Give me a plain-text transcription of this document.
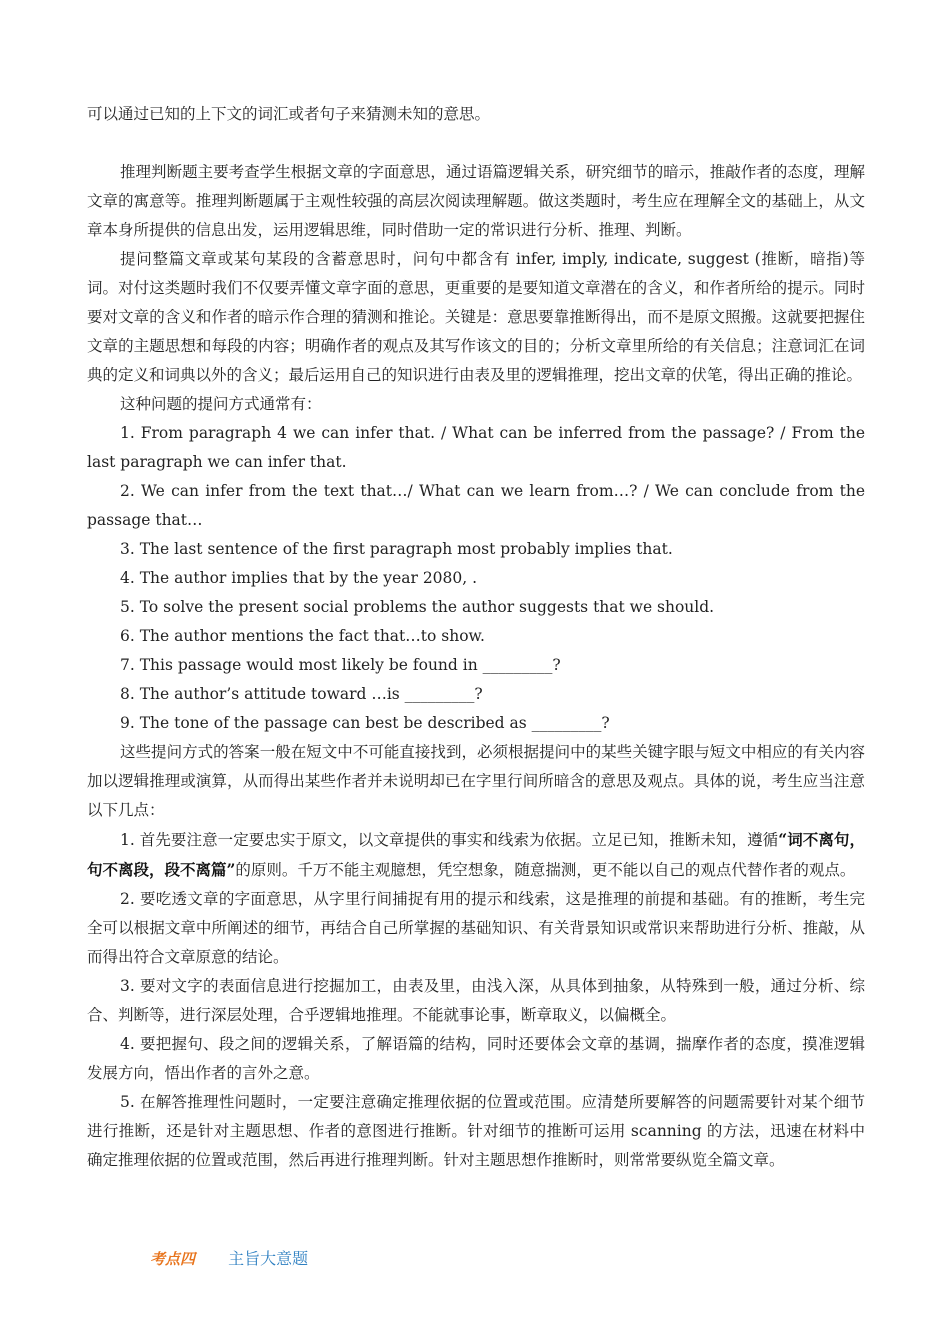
可以通过已知的上下文的词汇或者句子来猜测未知的意思。

推理判断题主要考查学生根据文章的字面意思，通过语篇逻辑关系，研究细节的暗示，推敲作者的态度，理解文章的寓意等。推理判断题属于主观性较强的高层次阅读理解题。做这类题时，考生应在理解全文的基础上，从文章本身所提供的信息出发，运用逻辑思维，同时借助一定的常识进行分析、推理、判断。

提问整篇文章或某句某段的含蓄意思时，问句中都含有 infer, imply, indicate, suggest (推断，暗指)等词。对付这类题时我们不仅要弄懂文章字面的意思，更重要的是要知道文章潜在的含义，和作者所给的提示。同时要对文章的含义和作者的暗示作合理的猜测和推论。关键是：意思要靠推断得出，而不是原文照搬。这就要把握住文章的主题思想和每段的内容；明确作者的观点及其写作该文的目的；分析文章里所给的有关信息；注意词汇在词典的定义和词典以外的含义；最后运用自己的知识进行由表及里的逻辑推理，挖出文章的伏笔，得出正确的推论。

这种问题的提问方式通常有：

1. From paragraph 4 we can infer that. / What can be inferred from the passage? / From the last paragraph we can infer that.

2. We can infer from the text that…/ What can we learn from…? / We can conclude from the passage that…

3. The last sentence of the first paragraph most probably implies that.

4. The author implies that by the year 2080, .

5. To solve the present social problems the author suggests that we should.

6. The author mentions the fact that…to show.

7. This passage would most likely be found in _________?

8. The author’s attitude toward …is _________?

9. The tone of the passage can best be described as _________?

这些提问方式的答案一般在短文中不可能直接找到，必须根据提问中的某些关键字眼与短文中相应的有关内容加以逻辑推理或演算，从而得出某些作者并未说明却已在字里行间所暗含的意思及观点。具体的说，考生应当注意以下几点：

1. 首先要注意一定要忠实于原文，以文章提供的事实和线索为依据。立足已知，推断未知，遵循“词不离句，句不离段，段不离篇”的原则。千万不能主观臆想，凭空想象，随意揣测，更不能以自己的观点代替作者的观点。

2. 要吃透文章的字面意思，从字里行间捕捉有用的提示和线索，这是推理的前提和基础。有的推断，考生完全可以根据文章中所阐述的细节，再结合自己所掌握的基础知识、有关背景知识或常识来帮助进行分析、推敲，从而得出符合文章原意的结论。

3. 要对文字的表面信息进行挖掘加工，由表及里，由浅入深，从具体到抽象，从特殊到一般，通过分析、综合、判断等，进行深层处理，合乎逻辑地推理。不能就事论事，断章取义，以偏概全。

4. 要把握句、段之间的逻辑关系，了解语篇的结构，同时还要体会文章的基调，揣摩作者的态度，摸准逻辑发展方向，悟出作者的言外之意。

5. 在解答推理性问题时，一定要注意确定推理依据的位置或范围。应清楚所要解答的问题需要针对某个细节进行推断，还是针对主题思想、作者的意图进行推断。针对细节的推断可运用 scanning 的方法，迅速在材料中确定推理依据的位置或范围，然后再进行推理判断。针对主题思想作推断时，则常常要纵览全篇文章。

考点四 主旨大意题
